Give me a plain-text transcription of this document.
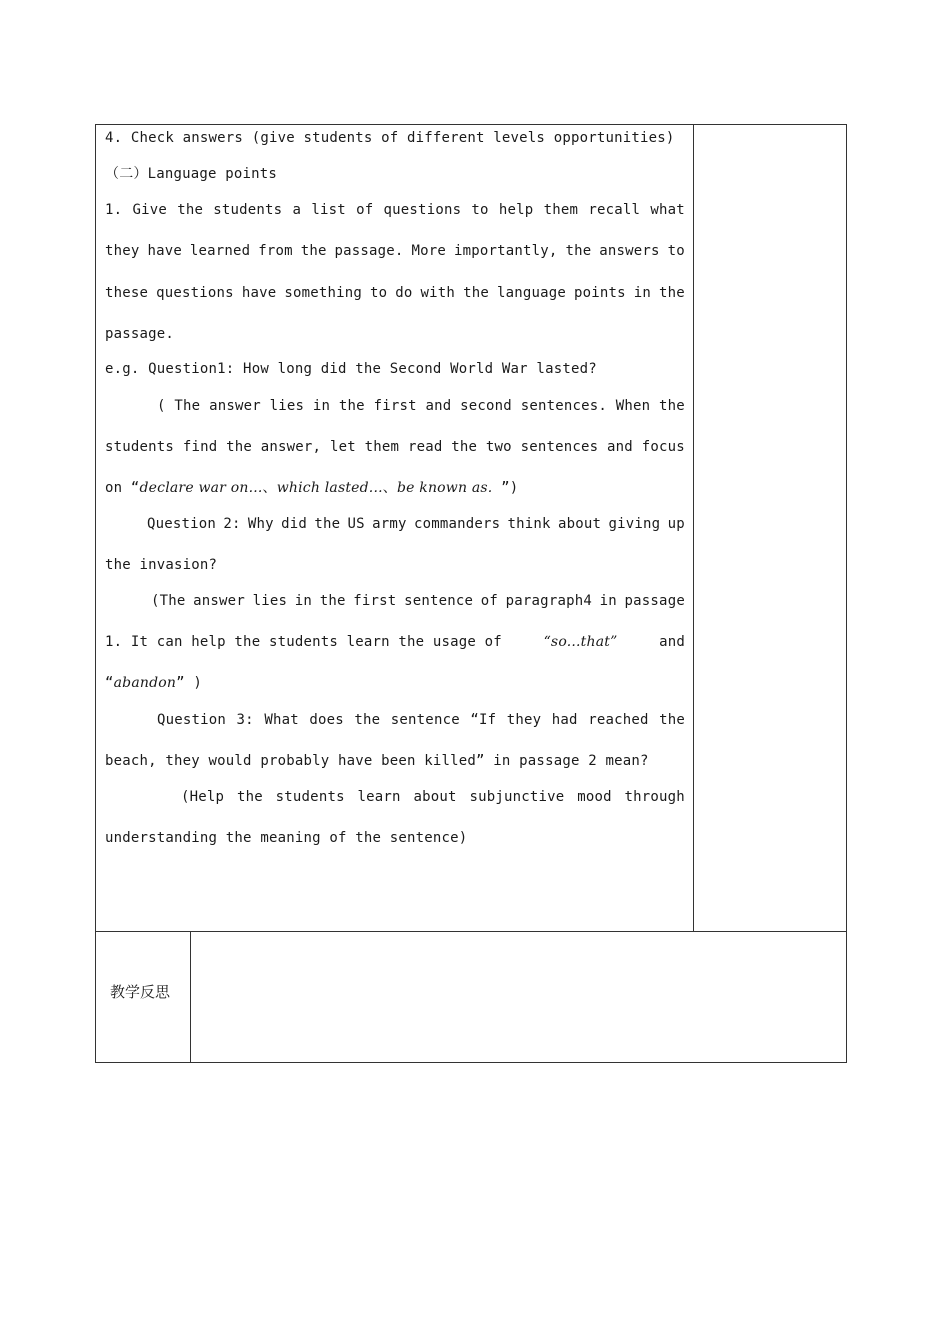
4. Check answers (give students of different levels opportunities)
（二）Language points
1. Give the students a list of questions to help them recall what
they have learned from the passage. More importantly, the answers to
these questions have something to do with the language points in the
passage.
e.g. Question1: How long did the Second World War lasted?
( The answer lies in the first and second sentences. When the
students find the answer, let them read the two sentences and focus
on “declare war on...、which lasted...、be known as. ”)
Question 2: Why did the US army commanders think about giving up
the invasion?
(The answer lies in the first sentence of paragraph4 in passage
1. It can help the students learn the usage of	“so...that”	and
“abandon” )
Question 3: What does the sentence “If they had reached the
beach, they would probably have been killed” in passage 2 mean?
(Help the students learn about subjunctive mood through
understanding the meaning of the sentence)
教学反思
